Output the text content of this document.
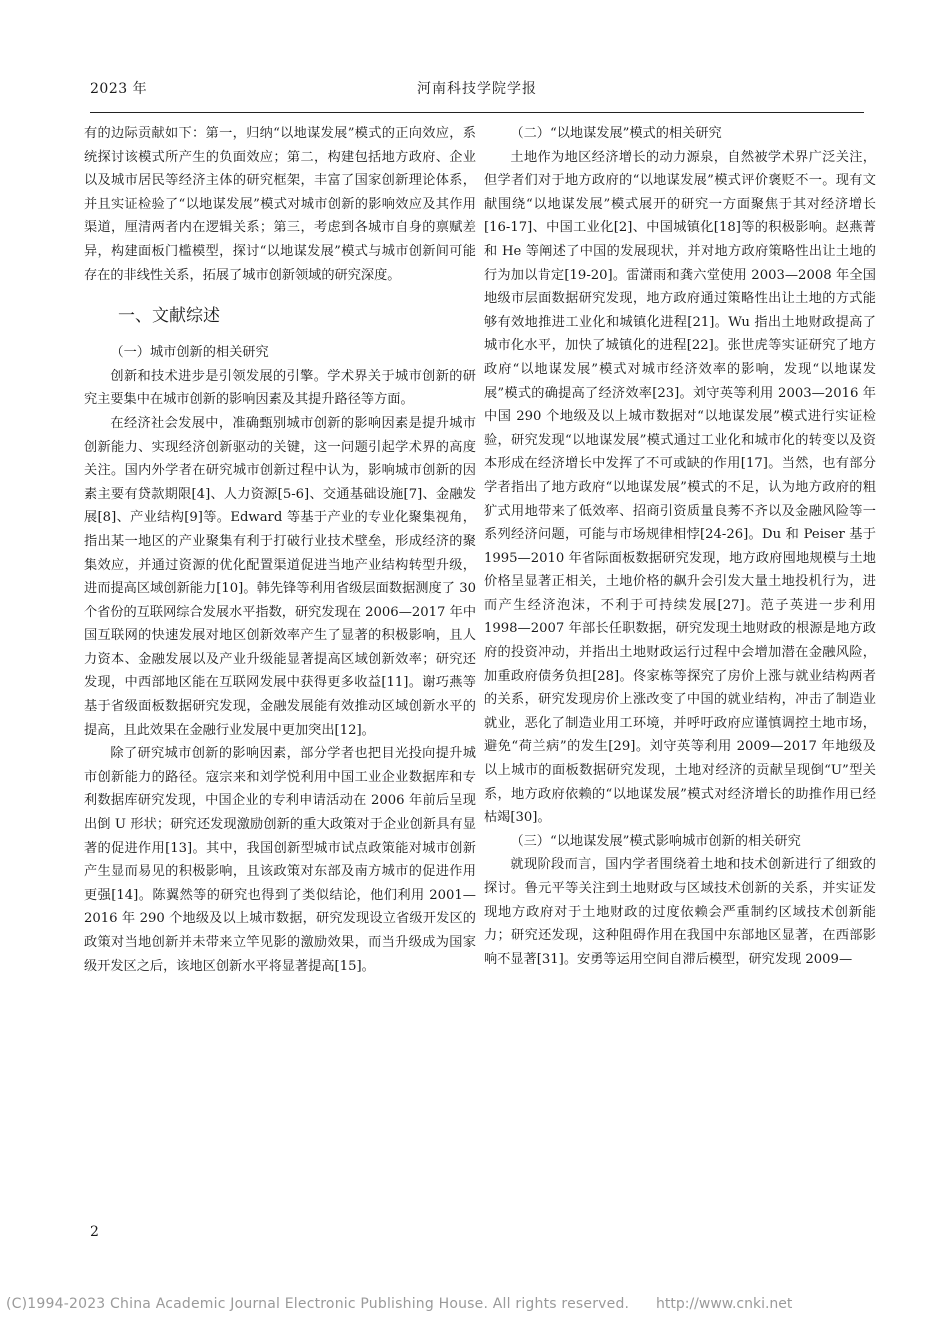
2023 年	河南科技学院学报

有的边际贡献如下：第一，归纳“以地谋发展”模式的正向效应，系统探讨该模式所产生的负面效应；第二，构建包括地方政府、企业以及城市居民等经济主体的研究框架，丰富了国家创新理论体系，并且实证检验了“以地谋发展”模式对城市创新的影响效应及其作用渠道，厘清两者内在逻辑关系；第三，考虑到各城市自身的禀赋差异，构建面板门槛模型，探讨“以地谋发展”模式与城市创新间可能存在的非线性关系，拓展了城市创新领域的研究深度。

一、文献综述
（一）城市创新的相关研究

创新和技术进步是引领发展的引擎。学术界关于城市创新的研究主要集中在城市创新的影响因素及其提升路径等方面。

在经济社会发展中，准确甄别城市创新的影响因素是提升城市创新能力、实现经济创新驱动的关键，这一问题引起学术界的高度关注。国内外学者在研究城市创新过程中认为，影响城市创新的因素主要有贷款期限[4]、人力资源[5-6]、交通基础设施[7]、金融发展[8]、产业结构[9]等。Edward 等基于产业的专业化聚集视角，指出某一地区的产业聚集有利于打破行业技术壁垒，形成经济的聚集效应，并通过资源的优化配置渠道促进当地产业结构转型升级，进而提高区域创新能力[10]。韩先锋等利用省级层面数据测度了 30 个省份的互联网综合发展水平指数，研究发现在 2006—2017 年中国互联网的快速发展对地区创新效率产生了显著的积极影响，且人力资本、金融发展以及产业升级能显著提高区域创新效率；研究还发现，中西部地区能在互联网发展中获得更多收益[11]。谢巧燕等基于省级面板数据研究发现，金融发展能有效推动区域创新水平的提高，且此效果在金融行业发展中更加突出[12]。

除了研究城市创新的影响因素，部分学者也把目光投向提升城市创新能力的路径。寇宗来和刘学悦利用中国工业企业数据库和专利数据库研究发现，中国企业的专利申请活动在 2006 年前后呈现出倒 U 形状；研究还发现激励创新的重大政策对于企业创新具有显著的促进作用[13]。其中，我国创新型城市试点政策能对城市创新产生显而易见的积极影响，且该政策对东部及南方城市的促进作用更强[14]。陈翼然等的研究也得到了类似结论，他们利用 2001—2016 年 290 个地级及以上城市数据，研究发现设立省级开发区的政策对当地创新并未带来立竿见影的激励效果，而当升级成为国家级开发区之后，该地区创新水平将显著提高[15]。

（二）“以地谋发展”模式的相关研究

土地作为地区经济增长的动力源泉，自然被学术界广泛关注，但学者们对于地方政府的“以地谋发展”模式评价褒贬不一。现有文献围绕“以地谋发展”模式展开的研究一方面聚焦于其对经济增长[16-17]、中国工业化[2]、中国城镇化[18]等的积极影响。赵燕菁和 He 等阐述了中国的发展现状，并对地方政府策略性出让土地的行为加以肯定[19-20]。雷潇雨和龚六堂使用 2003—2008 年全国地级市层面数据研究发现，地方政府通过策略性出让土地的方式能够有效地推进工业化和城镇化进程[21]。Wu 指出土地财政提高了城市化水平，加快了城镇化的进程[22]。张世虎等实证研究了地方政府“以地谋发展”模式对城市经济效率的影响，发现“以地谋发展”模式的确提高了经济效率[23]。刘守英等利用 2003—2016 年中国 290 个地级及以上城市数据对“以地谋发展”模式进行实证检验，研究发现“以地谋发展”模式通过工业化和城市化的转变以及资本形成在经济增长中发挥了不可或缺的作用[17]。当然，也有部分学者指出了地方政府“以地谋发展”模式的不足，认为地方政府的粗犷式用地带来了低效率、招商引资质量良莠不齐以及金融风险等一系列经济问题，可能与市场规律相悖[24-26]。Du 和 Peiser 基于 1995—2010 年省际面板数据研究发现，地方政府囤地规模与土地价格呈显著正相关，土地价格的飙升会引发大量土地投机行为，进而产生经济泡沫，不利于可持续发展[27]。范子英进一步利用 1998—2007 年部长任职数据，研究发现土地财政的根源是地方政府的投资冲动，并指出土地财政运行过程中会增加潜在金融风险，加重政府债务负担[28]。佟家栋等探究了房价上涨与就业结构两者的关系，研究发现房价上涨改变了中国的就业结构，冲击了制造业就业，恶化了制造业用工环境，并呼吁政府应谨慎调控土地市场，避免“荷兰病”的发生[29]。刘守英等利用 2009—2017 年地级及以上城市的面板数据研究发现，土地对经济的贡献呈现倒“U”型关系，地方政府依赖的“以地谋发展”模式对经济增长的助推作用已经枯竭[30]。

（三）“以地谋发展”模式影响城市创新的相关研究

就现阶段而言，国内学者围绕着土地和技术创新进行了细致的探讨。鲁元平等关注到土地财政与区域技术创新的关系，并实证发现地方政府对于土地财政的过度依赖会严重制约区域技术创新能力；研究还发现，这种阻碍作用在我国中东部地区显著，在西部影响不显著[31]。安勇等运用空间自滞后模型，研究发现 2009—

2
(C)1994-2023 China Academic Journal Electronic Publishing House. All rights reserved. http://www.cnki.net
